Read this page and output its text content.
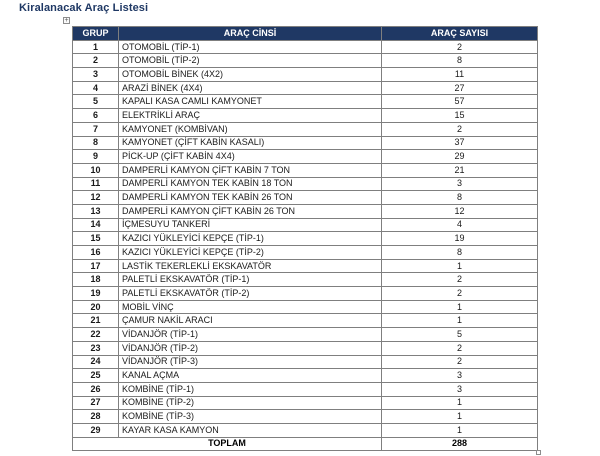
Kiralanacak Araç Listesi
+
GRUP	ARAÇ CİNSİ	ARAÇ SAYISI
1	OTOMOBİL (TİP-1)	2
2	OTOMOBİL (TİP-2)	8
3	OTOMOBİL BİNEK (4X2)	11
4	ARAZİ BİNEK (4X4)	27
5	KAPALI KASA CAMLI KAMYONET	57
6	ELEKTRİKLİ ARAÇ	15
7	KAMYONET (KOMBİVAN)	2
8	KAMYONET (ÇİFT KABİN KASALI)	37
9	PİCK-UP (ÇİFT KABİN 4X4)	29
10	DAMPERLİ KAMYON ÇİFT KABİN 7 TON	21
11	DAMPERLİ KAMYON TEK KABİN 18 TON	3
12	DAMPERLİ KAMYON TEK KABİN 26 TON	8
13	DAMPERLİ KAMYON ÇİFT KABİN 26 TON	12
14	İÇMESUYU TANKERİ	4
15	KAZICI YÜKLEYİCİ KEPÇE (TİP-1)	19
16	KAZICI YÜKLEYİCİ KEPÇE (TİP-2)	8
17	LASTİK TEKERLEKLİ EKSKAVATÖR	1
18	PALETLİ EKSKAVATÖR (TİP-1)	2
19	PALETLİ EKSKAVATÖR (TİP-2)	2
20	MOBİL VİNÇ	1
21	ÇAMUR NAKİL ARACI	1
22	VİDANJÖR (TİP-1)	5
23	VİDANJÖR (TİP-2)	2
24	VİDANJÖR (TİP-3)	2
25	KANAL AÇMA	3
26	KOMBİNE (TİP-1)	3
27	KOMBİNE (TİP-2)	1
28	KOMBİNE (TİP-3)	1
29	KAYAR KASA KAMYON	1
TOPLAM		288
